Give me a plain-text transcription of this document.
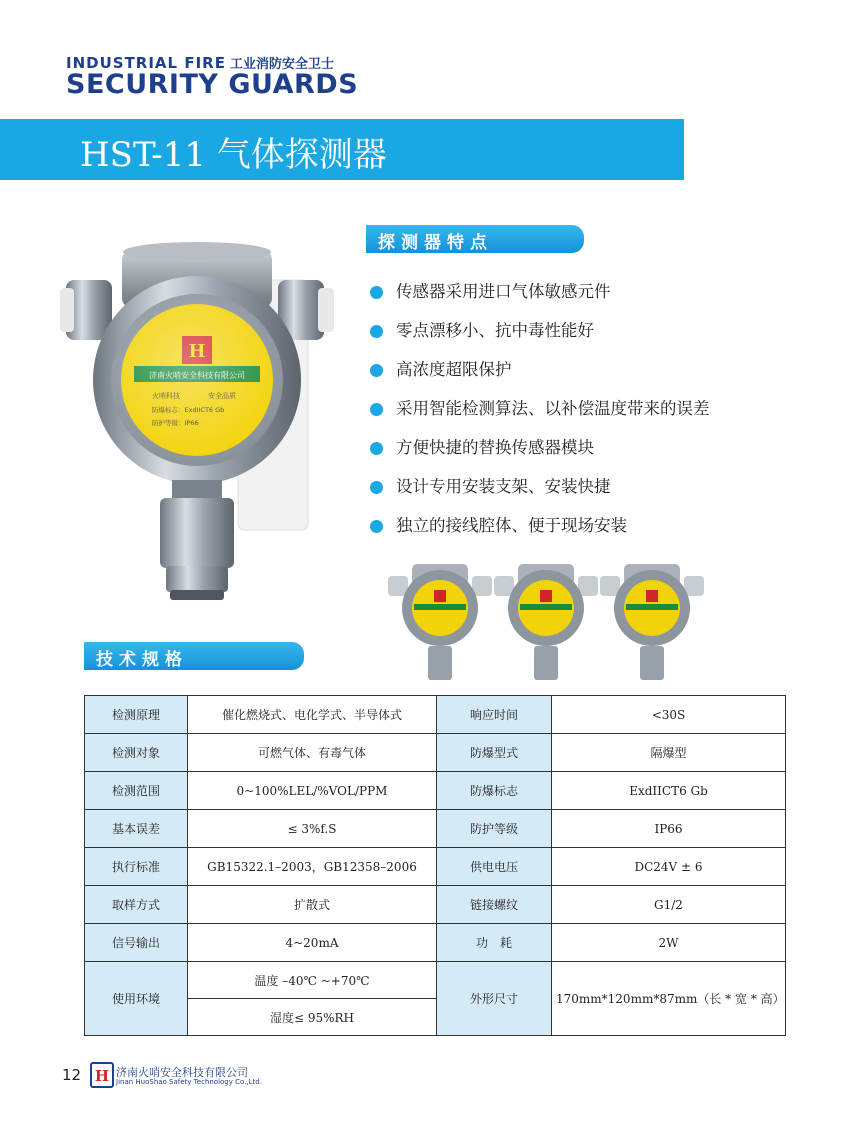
INDUSTRIAL FIRE 工业消防安全卫士
SECURITY GUARDS
HST-11 气体探测器
探测器特点
传感器采用进口气体敏感元件
零点漂移小、抗中毒性能好
高浓度超限保护
采用智能检测算法、以补偿温度带来的误差
方便快捷的替换传感器模块
设计专用安装支架、安装快捷
独立的接线腔体、便于现场安装
技术规格
检测原理	催化燃烧式、电化学式、半导体式	响应时间	<30S
检测对象	可燃气体、有毒气体	防爆型式	隔爆型
检测范围	0~100%LEL/%VOL/PPM	防爆标志	ExdIICT6 Gb
基本误差	≤ 3%f.S	防护等级	IP66
执行标准	GB15322.1–2003，GB12358–2006	供电电压	DC24V ± 6
取样方式	扩散式	链接螺纹	G1/2
信号输出	4~20mA	功　耗	2W
使用环境	温度 –40℃ ~+70℃	外形尺寸	170mm*120mm*87mm（长 * 宽 * 高）
	湿度≤ 95%RH		
12 H 济南火哨安全科技有限公司
Jinan HuoShao Safety Technology Co.,Ltd.
